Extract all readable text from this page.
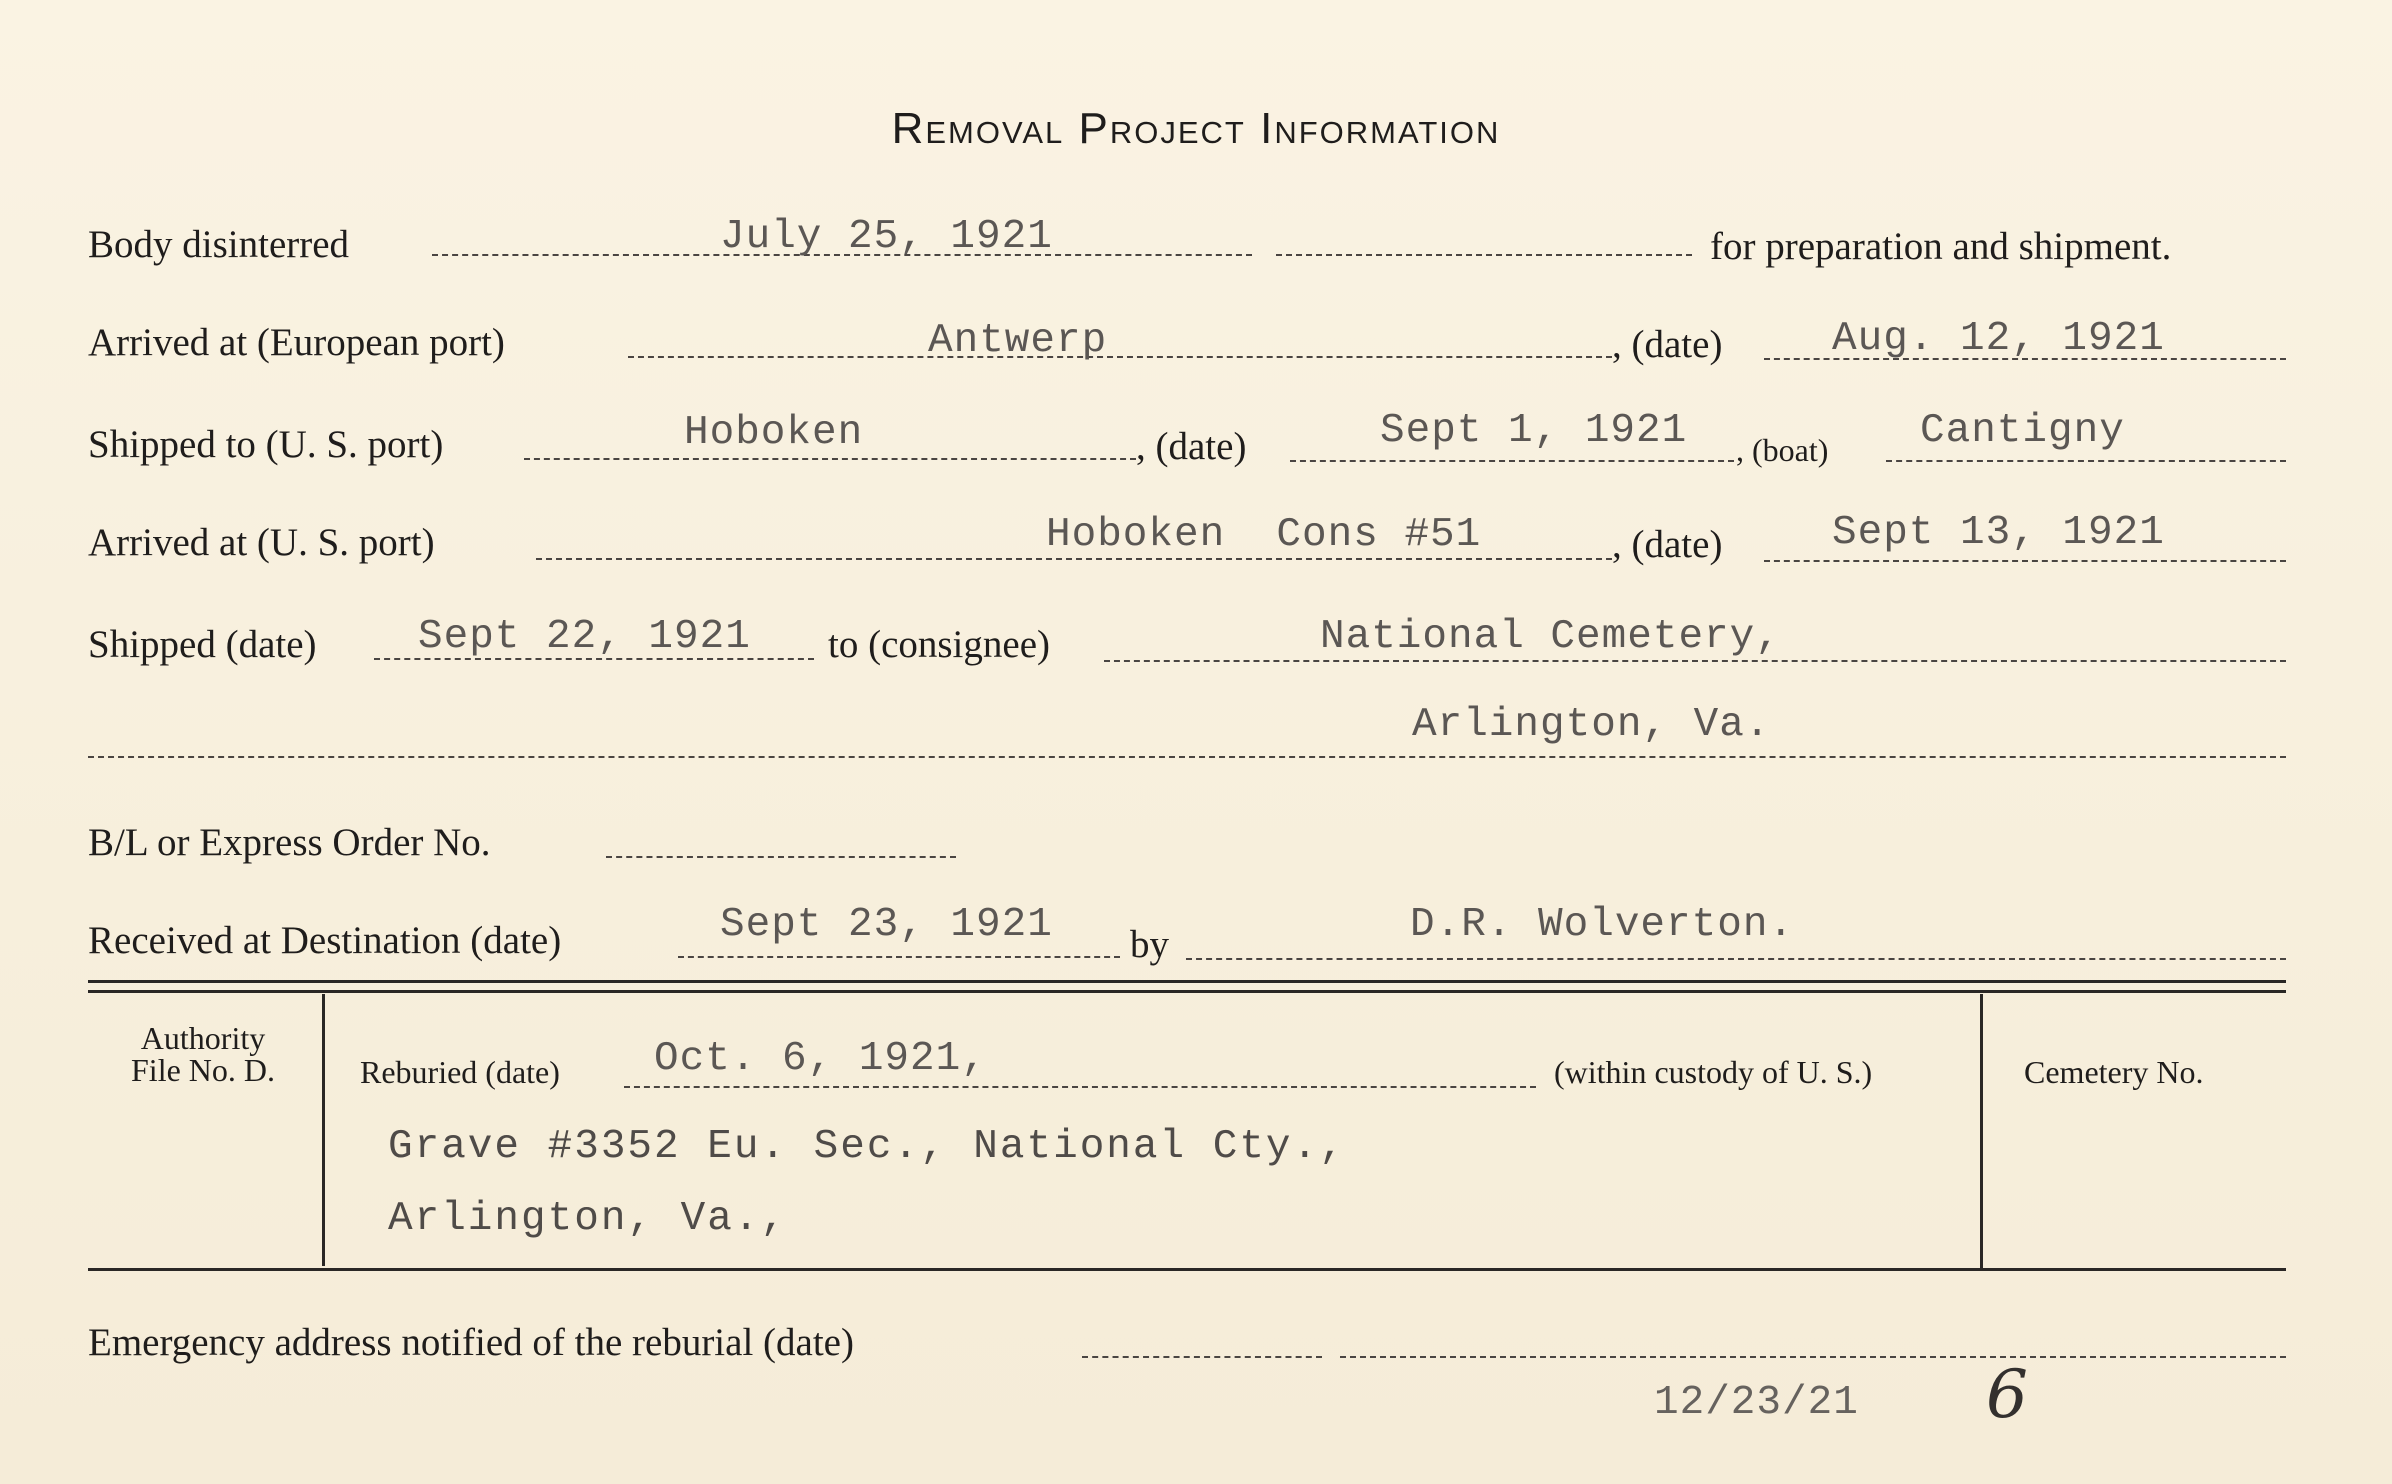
Removal Project Information
Body disinterred	July 25, 1921	for preparation and shipment.
Arrived at (European port)	Antwerp	, (date)	Aug. 12, 1921
Shipped to (U. S. port)	Hoboken	, (date)	Sept 1, 1921 , (boat) Cantigny
Arrived at (U. S. port)	Hoboken  Cons #51	, (date)	Sept 13, 1921
Shipped (date) Sept 22, 1921 to (consignee)	National Cemetery,
Arlington, Va.
B/L or Express Order No.
Received at Destination (date)	Sept 23, 1921 by	D.R. Wolverton.
Authority
File No. D.	Reburied (date) Oct. 6, 1921,	(within custody of U. S.)
Grave #3352 Eu. Sec., National Cty.,
Arlington, Va.,
Cemetery No.
Emergency address notified of the reburial (date)
12/23/21 6
